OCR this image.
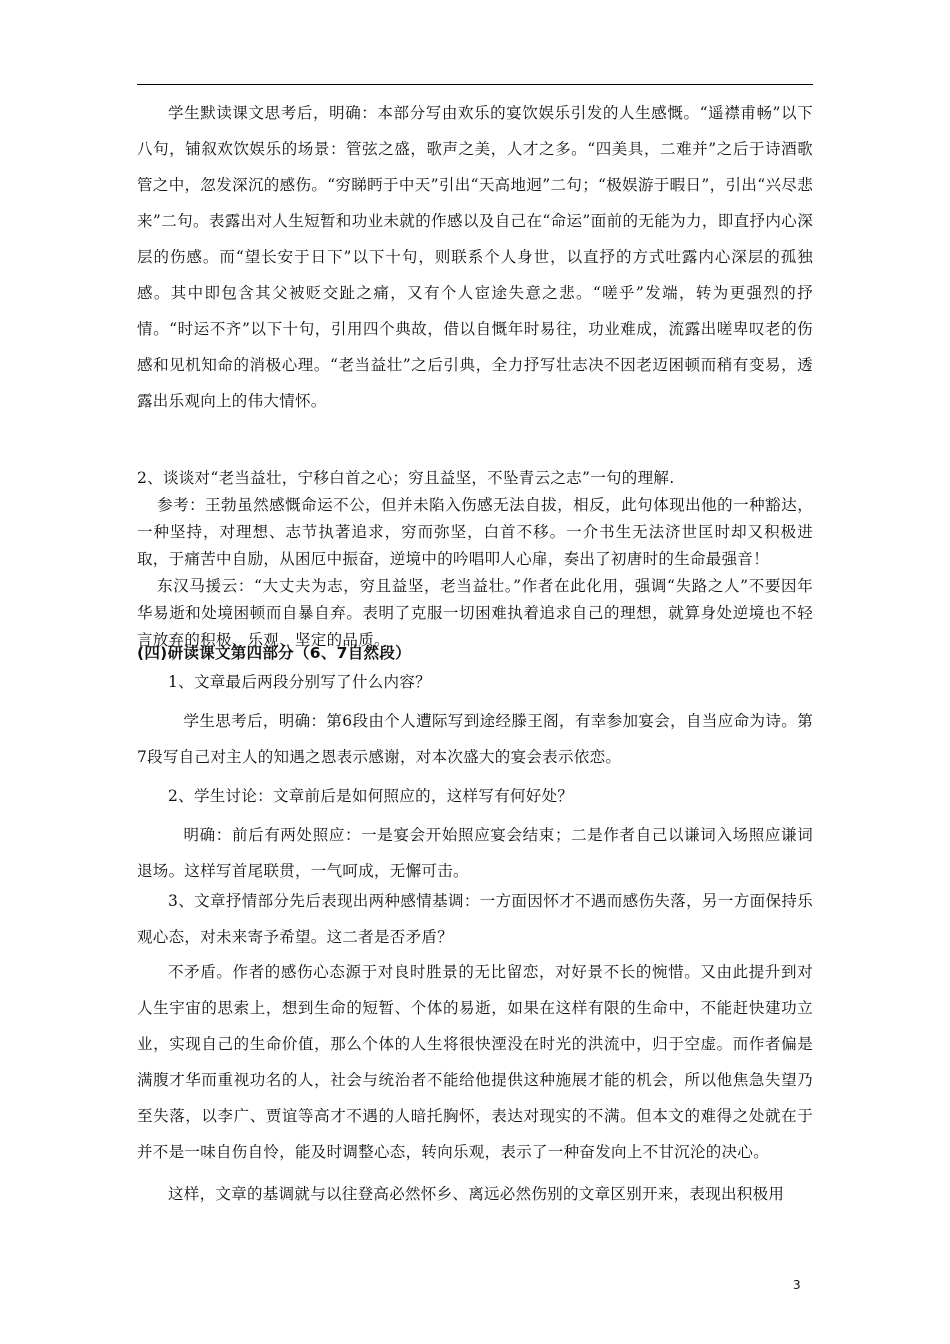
学生默读课文思考后，明确：本部分写由欢乐的宴饮娱乐引发的人生感慨。“遥襟甫畅”以下八句，铺叙欢饮娱乐的场景：管弦之盛，歌声之美，人才之多。“四美具，二难并”之后于诗酒歌管之中，忽发深沉的感伤。“穷睇眄于中天”引出“天高地迥”二句；“极娱游于暇日”，引出“兴尽悲来”二句。表露出对人生短暂和功业未就的作感以及自己在“命运”面前的无能为力，即直抒内心深层的伤感。而“望长安于日下”以下十句，则联系个人身世，以直抒的方式吐露内心深层的孤独感。其中即包含其父被贬交趾之痛，又有个人宦途失意之悲。“嗟乎”发端，转为更强烈的抒情。“时运不齐”以下十句，引用四个典故，借以自慨年时易往，功业难成，流露出嗟卑叹老的伤感和见机知命的消极心理。“老当益壮”之后引典，全力抒写壮志决不因老迈困顿而稍有变易，透露出乐观向上的伟大情怀。

2、谈谈对“老当益壮，宁移白首之心；穷且益坚，不坠青云之志”一句的理解.

参考：王勃虽然感慨命运不公，但并未陷入伤感无法自拔，相反，此句体现出他的一种豁达，一种坚持，对理想、志节执著追求，穷而弥坚，白首不移。一介书生无法济世匡时却又积极进取，于痛苦中自励，从困厄中振奋，逆境中的吟唱叩人心扉，奏出了初唐时的生命最强音！

东汉马援云：“大丈夫为志，穷且益坚，老当益壮。”作者在此化用，强调“失路之人”不要因年华易逝和处境困顿而自暴自弃。表明了克服一切困难执着追求自己的理想，就算身处逆境也不轻言放弃的积极、乐观、坚定的品质。

(四)研读课文第四部分（6、7自然段）

1、文章最后两段分别写了什么内容？

学生思考后，明确：第6段由个人遭际写到途经滕王阁，有幸参加宴会，自当应命为诗。第7段写自己对主人的知遇之恩表示感谢，对本次盛大的宴会表示依恋。

2、学生讨论：文章前后是如何照应的，这样写有何好处？

明确：前后有两处照应：一是宴会开始照应宴会结束；二是作者自己以谦词入场照应谦词退场。这样写首尾联贯，一气呵成，无懈可击。

3、文章抒情部分先后表现出两种感情基调：一方面因怀才不遇而感伤失落，另一方面保持乐观心态，对未来寄予希望。这二者是否矛盾？

不矛盾。作者的感伤心态源于对良时胜景的无比留恋，对好景不长的惋惜。又由此提升到对人生宇宙的思索上，想到生命的短暂、个体的易逝，如果在这样有限的生命中，不能赶快建功立业，实现自己的生命价值，那么个体的人生将很快湮没在时光的洪流中，归于空虚。而作者偏是满腹才华而重视功名的人，社会与统治者不能给他提供这种施展才能的机会，所以他焦急失望乃至失落，以李广、贾谊等高才不遇的人暗托胸怀，表达对现实的不满。但本文的难得之处就在于并不是一味自伤自怜，能及时调整心态，转向乐观，表示了一种奋发向上不甘沉沦的决心。

这样，文章的基调就与以往登高必然怀乡、离远必然伤别的文章区别开来，表现出积极用

3
